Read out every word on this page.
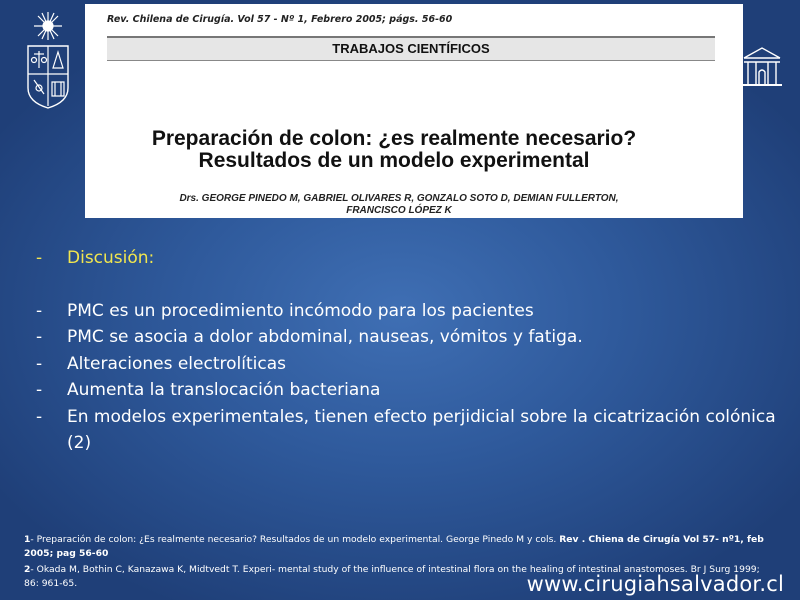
Rev. Chilena de Cirugía. Vol 57 - Nº 1, Febrero 2005; págs. 56-60
TRABAJOS CIENTÍFICOS
Preparación de colon: ¿es realmente necesario?
Resultados de un modelo experimental
Drs. GEORGE PINEDO M, GABRIEL OLIVARES R, GONZALO SOTO D, DEMIAN FULLERTON,
FRANCISCO LÓPEZ K
- Discusión:
- PMC es un procedimiento incómodo para los pacientes
- PMC se asocia a dolor abdominal, nauseas, vómitos y fatiga.
- Alteraciones electrolíticas
- Aumenta la translocación bacteriana
- En modelos experimentales, tienen efecto perjidicial sobre la cicatrización colónica (2)
1- Preparación de colon: ¿Es realmente necesario? Resultados de un modelo experimental. George Pinedo M y cols. Rev . Chiena de Cirugía Vol 57- nº1, feb 2005; pag 56-60
2- Okada M, Bothin C, Kanazawa K, Midtvedt T. Experi- mental study of the influence of intestinal flora on the healing of intestinal anastomoses. Br J Surg 1999; 86: 961-65.	www.cirugiahsalvador.cl
